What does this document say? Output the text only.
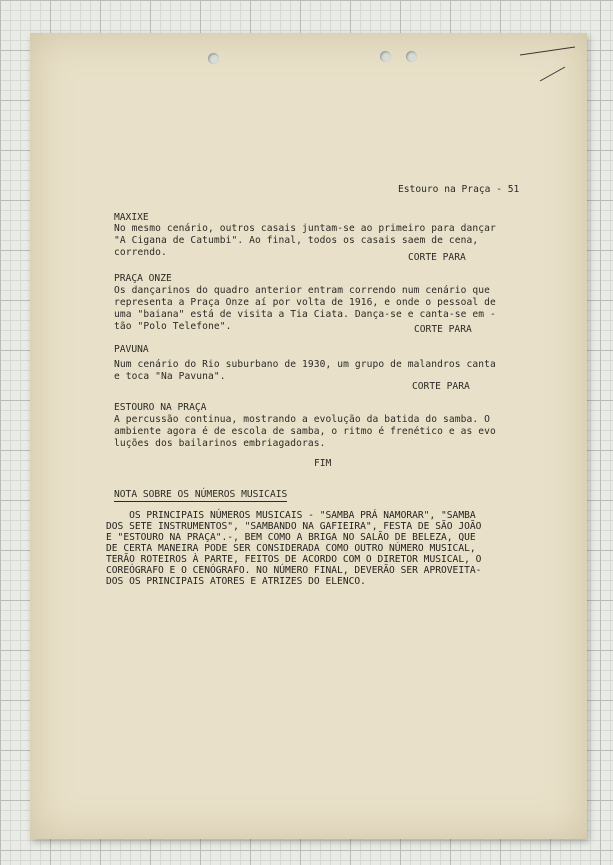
Estouro na Praça - 51
MAXIXE
No mesmo cenário, outros casais juntam-se ao primeiro para dançar
"A Cigana de Catumbi". Ao final, todos os casais saem de cena,
correndo.	CORTE PARA
PRAÇA ONZE
Os dançarinos do quadro anterior entram correndo num cenário que
representa a Praça Onze aí por volta de 1916, e onde o pessoal de
uma "baiana" está de visita a Tia Ciata. Dança-se e canta-se em -
tão "Polo Telefone".	CORTE PARA
PAVUNA
Num cenário do Rio suburbano de 1930, um grupo de malandros canta
e toca "Na Pavuna".
CORTE PARA
ESTOURO NA PRAÇA
A percussão continua, mostrando a evolução da batida do samba. O
ambiente agora é de escola de samba, o ritmo é frenético e as evo
luções dos bailarinos embriagadoras.
FIM
NOTA SOBRE OS NÚMEROS MUSICAIS
OS PRINCIPAIS NÚMEROS MUSICAIS - "SAMBA PRÁ NAMORAR", "SAMBA
DOS SETE INSTRUMENTOS", "SAMBANDO NA GAFIEIRA", FESTA DE SÃO JOÃO
E "ESTOURO NA PRAÇA".-, BEM COMO A BRIGA NO SALÃO DE BELEZA, QUE
DE CERTA MANEIRA PODE SER CONSIDERADA COMO OUTRO NÚMERO MUSICAL,
TERÃO ROTEIROS À PARTE, FEITOS DE ACORDO COM O DIRETOR MUSICAL, O
COREÓGRAFO E O CENÓGRAFO. NO NÚMERO FINAL, DEVERÃO SER APROVEITA-
DOS OS PRINCIPAIS ATORES E ATRIZES DO ELENCO.
